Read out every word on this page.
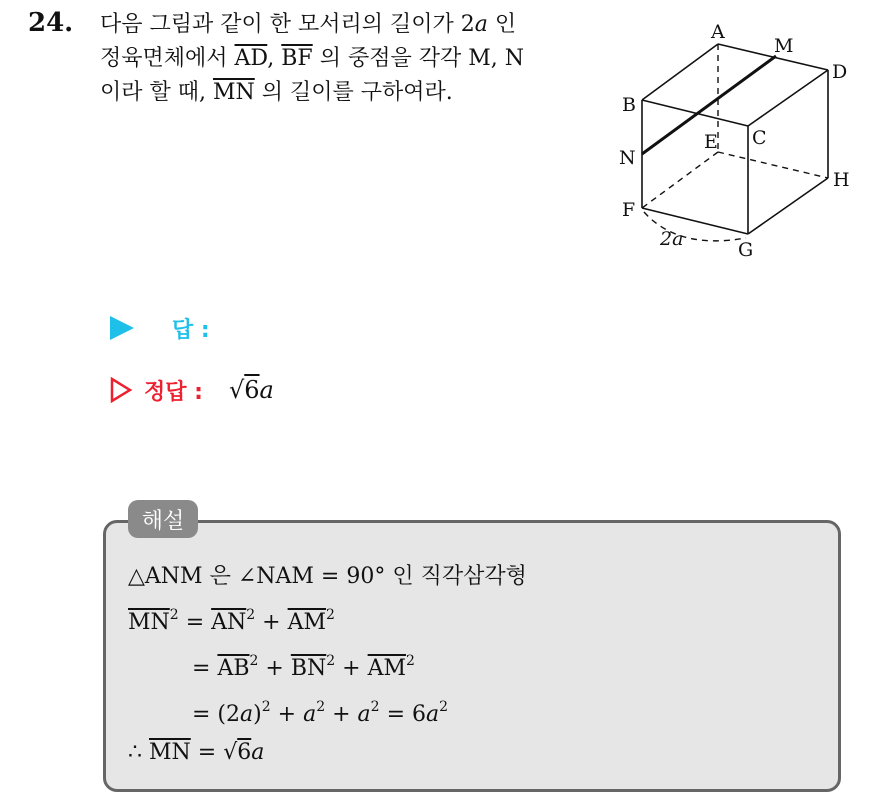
24. 다음 그림과 같이 한 모서리의 길이가 2a 인
정육면체에서 $\overline{AD}$, $\overline{BF}$ 의 중점을 각각 M, N
이라 할 때, $\overline{MN}$ 의 길이를 구하여라.
A
M
D
B
C
E
N
H
F
G
2a
답 :
정답 : √6a
해설
△ANM 은 ∠NAM = 90° 인 직각삼각형
$\overline{MN}^2 = \overline{AN}^2 + \overline{AM}^2$
= $\overline{AB}^2 + \overline{BN}^2 + \overline{AM}^2$
= $(2a)^2 + a^2 + a^2 = 6a^2$
∴ $\overline{MN} = √6a$
